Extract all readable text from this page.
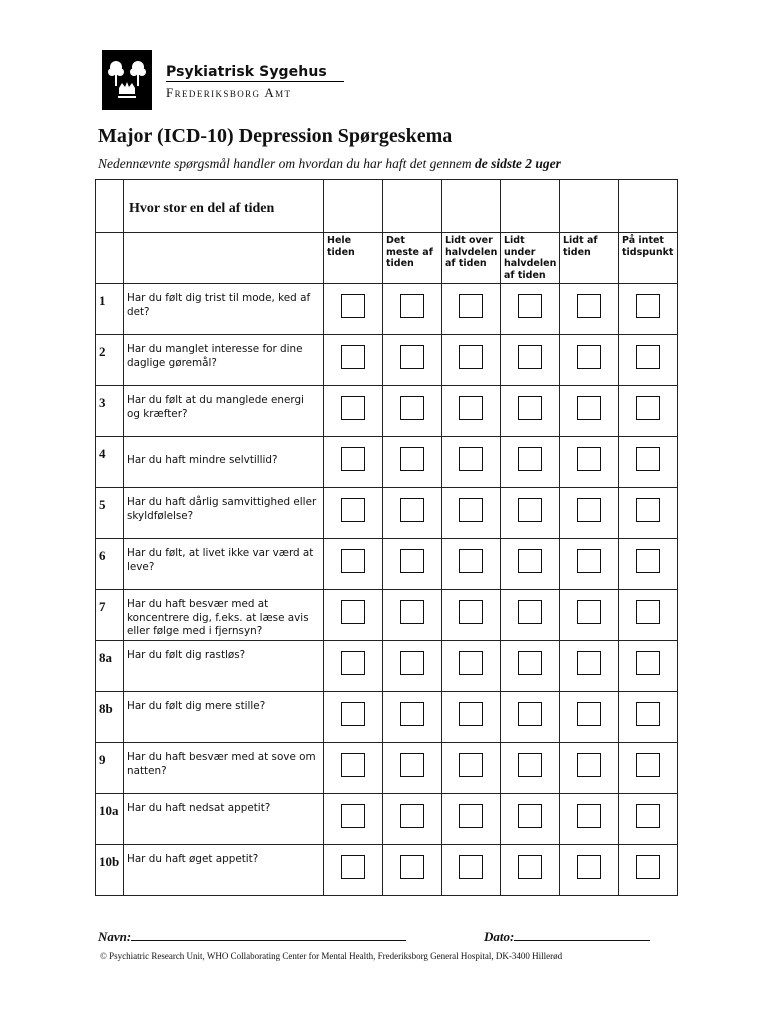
Psykiatrisk Sygehus
Frederiksborg Amt
Major (ICD-10) Depression Spørgeskema
Nedennævnte spørgsmål handler om hvordan du har haft det gennem de sidste 2 uger

	Hvor stor en del af tiden						

		Hele tiden	Det meste af tiden	Lidt over halvdelen af tiden	Lidt under halvdelen af tiden	Lidt af tiden	På intet tidspunkt

1	Har du følt dig trist til mode, ked af det?						

2	Har du manglet interesse for dine daglige gøremål?						

3	Har du følt at du manglede energi og kræfter?						

4	Har du haft mindre selvtillid?						

5	Har du haft dårlig samvittighed eller skyldfølelse?						

6	Har du følt, at livet ikke var værd at leve?						

7	Har du haft besvær med at koncentrere dig, f.eks. at læse avis eller følge med i fjernsyn?						

8a	Har du følt dig rastløs?						

8b	Har du følt dig mere stille?						

9	Har du haft besvær med at sove om natten?						

10a	Har du haft nedsat appetit?						

10b	Har du haft øget appetit?						

Navn:	Dato:
© Psychiatric Research Unit, WHO Collaborating Center for Mental Health, Frederiksborg General Hospital, DK-3400 Hillerød
